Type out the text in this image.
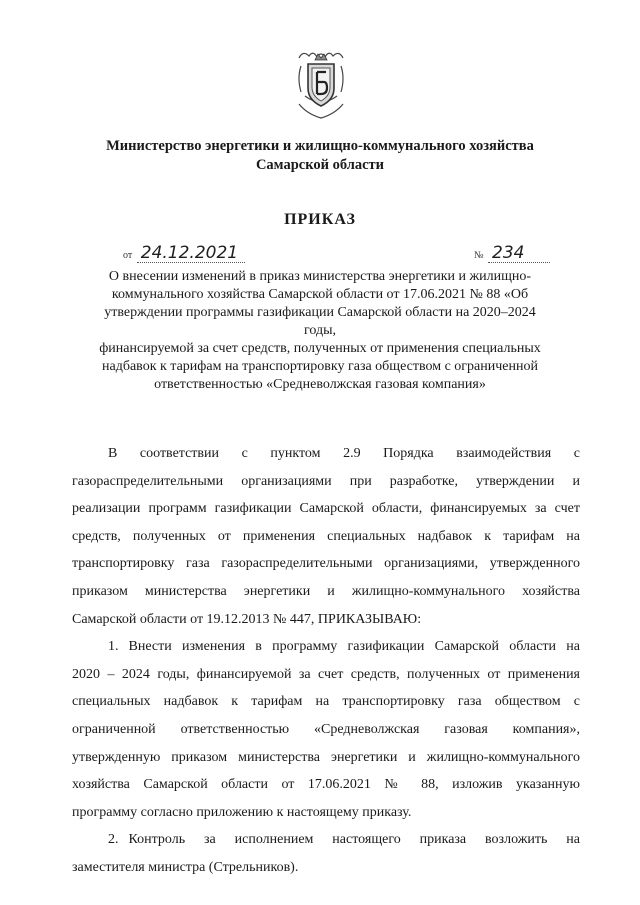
Министерство энергетики и жилищно-коммунального хозяйства
Самарской области
ПРИКАЗ
от 24.12.2021	№ 234
О внесении изменений в приказ министерства энергетики и жилищно-
коммунального хозяйства Самарской области от 17.06.2021 № 88 «Об
утверждении программы газификации Самарской области на 2020–2024 годы,
финансируемой за счет средств, полученных от применения специальных
надбавок к тарифам на транспортировку газа обществом с ограниченной
ответственностью «Средневолжская газовая компания»
В соответствии с пунктом 2.9 Порядка взаимодействия с
газораспределительными организациями при разработке, утверждении и
реализации программ газификации Самарской области, финансируемых за счет
средств, полученных от применения специальных надбавок к тарифам на
транспортировку газа газораспределительными организациями, утвержденного
приказом министерства энергетики и жилищно-коммунального хозяйства
Самарской области от 19.12.2013 № 447, ПРИКАЗЫВАЮ:
1. Внести изменения в программу газификации Самарской области на
2020 – 2024 годы, финансируемой за счет средств, полученных от применения
специальных надбавок к тарифам на транспортировку газа обществом с
ограниченной ответственностью «Средневолжская газовая компания»,
утвержденную приказом министерства энергетики и жилищно-коммунального
хозяйства Самарской области от 17.06.2021 № 88, изложив указанную
программу согласно приложению к настоящему приказу.
2. Контроль за исполнением настоящего приказа возложить на
заместителя министра (Стрельников).
